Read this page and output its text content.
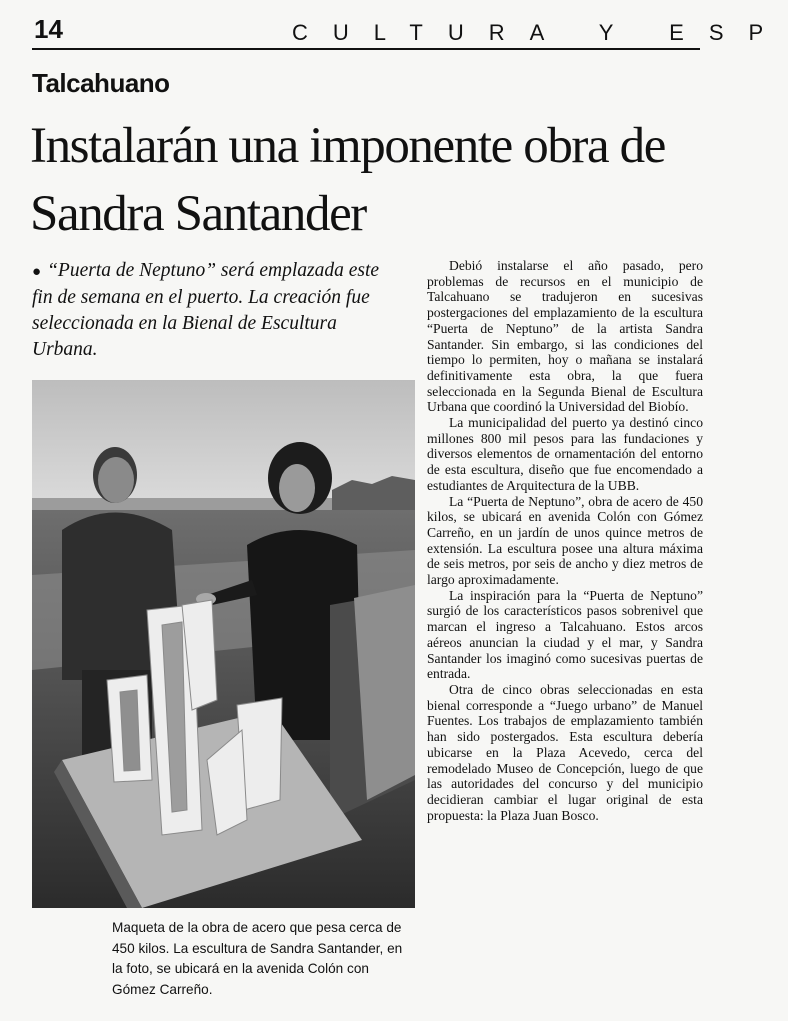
14	CULTURA Y ESP
Talcahuano
Instalarán una imponente obra de Sandra Santander

● “Puerta de Neptuno” será emplazada este fin de semana en el puerto. La creación fue seleccionada en la Bienal de Escultura Urbana.

Maqueta de la obra de acero que pesa cerca de 450 kilos. La escultura de Sandra Santander, en la foto, se ubicará en la avenida Colón con Gómez Carreño.

Debió instalarse el año pasado, pero problemas de recursos en el municipio de Talcahuano se tradujeron en sucesivas postergaciones del emplazamiento de la escultura “Puerta de Neptuno” de la artista Sandra Santander. Sin embargo, si las condiciones del tiempo lo permiten, hoy o mañana se instalará definitivamente esta obra, la que fuera seleccionada en la Segunda Bienal de Escultura Urbana que coordinó la Universidad del Biobío.

La municipalidad del puerto ya destinó cinco millones 800 mil pesos para las fundaciones y diversos elementos de ornamentación del entorno de esta escultura, diseño que fue encomendado a estudiantes de Arquitectura de la UBB.

La “Puerta de Neptuno”, obra de acero de 450 kilos, se ubicará en avenida Colón con Gómez Carreño, en un jardín de unos quince metros de extensión. La escultura posee una altura máxima de seis metros, por seis de ancho y diez metros de largo aproximadamente.

La inspiración para la “Puerta de Neptuno” surgió de los característicos pasos sobrenivel que marcan el ingreso a Talcahuano. Estos arcos aéreos anuncian la ciudad y el mar, y Sandra Santander los imaginó como sucesivas puertas de entrada.

Otra de cinco obras seleccionadas en esta bienal corresponde a “Juego urbano” de Manuel Fuentes. Los trabajos de emplazamiento también han sido postergados. Esta escultura debería ubicarse en la Plaza Acevedo, cerca del remodelado Museo de Concepción, luego de que las autoridades del concurso y del municipio decidieran cambiar el lugar original de esta propuesta: la Plaza Juan Bosco.
